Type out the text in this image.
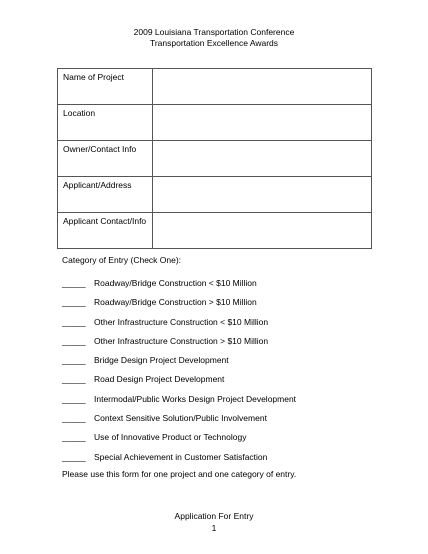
2009 Louisiana Transportation Conference
Transportation Excellence Awards
Name of Project	
Location	
Owner/Contact Info	
Applicant/Address	
Applicant Contact/Info	
Category of Entry (Check One):
_____ Roadway/Bridge Construction < $10 Million
_____ Roadway/Bridge Construction > $10 Million
_____ Other Infrastructure Construction < $10 Million
_____ Other Infrastructure Construction > $10 Million
_____ Bridge Design Project Development
_____ Road Design Project Development
_____ Intermodal/Public Works Design Project Development
_____ Context Sensitive Solution/Public Involvement
_____ Use of Innovative Product or Technology
_____ Special Achievement in Customer Satisfaction
Please use this form for one project and one category of entry.
Application For Entry
1
